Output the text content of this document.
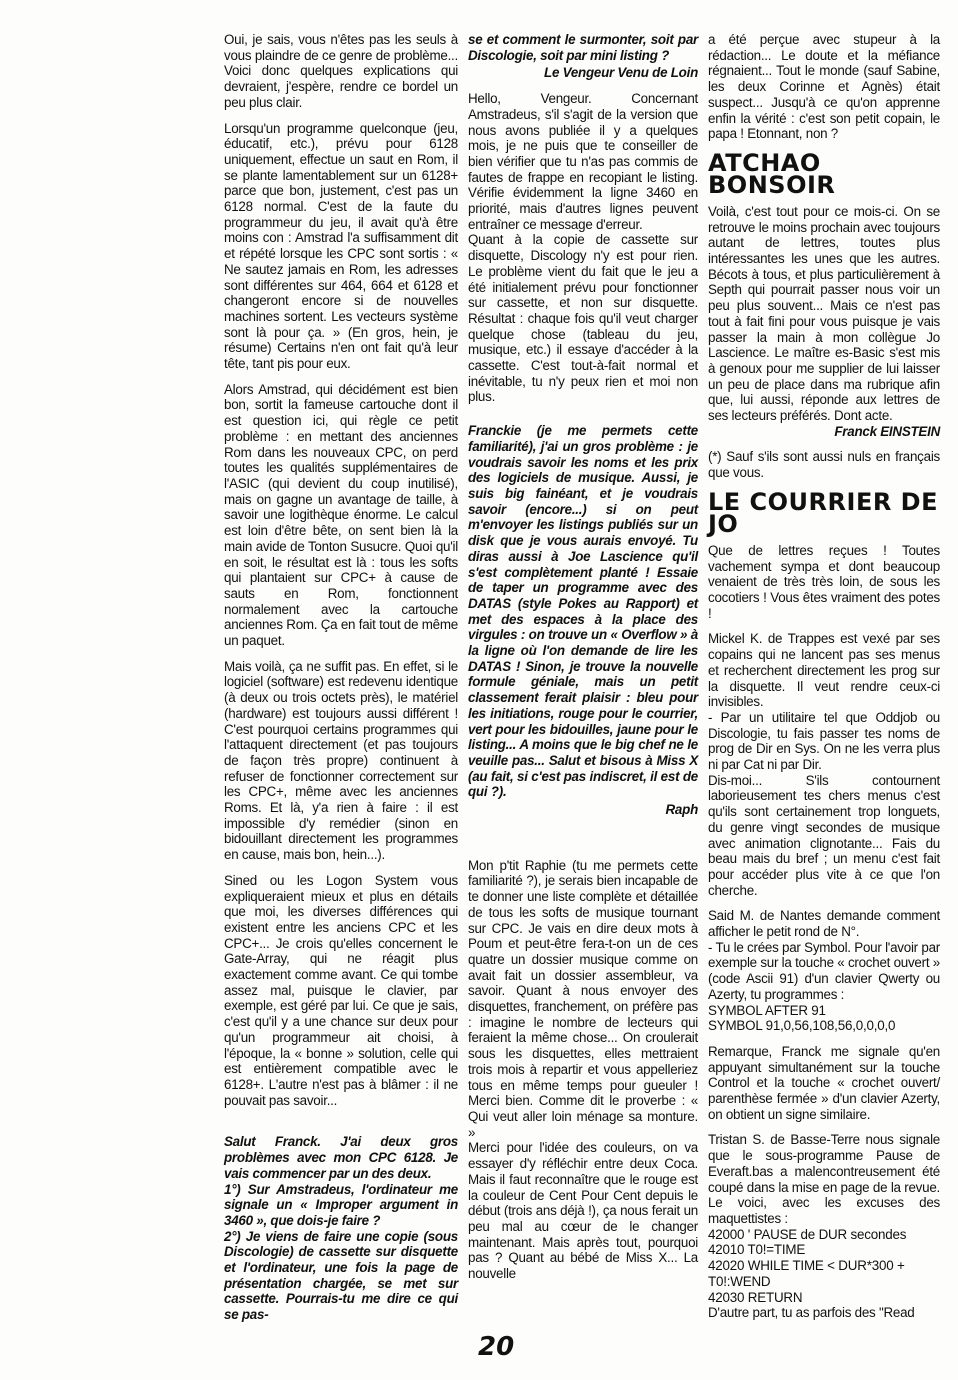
Oui, je sais, vous n'êtes pas les seuls à vous plaindre de ce genre de problème... Voici donc quelques explications qui devraient, j'espère, rendre ce bordel un peu plus clair.

Lorsqu'un programme quelconque (jeu, éducatif, etc.), prévu pour 6128 uniquement, effectue un saut en Rom, il se plante lamentablement sur un 6128+ parce que bon, justement, c'est pas un 6128 normal. C'est de la faute du programmeur du jeu, il avait qu'à être moins con : Amstrad l'a suffisamment dit et répété lorsque les CPC sont sortis : « Ne sautez jamais en Rom, les adresses sont différentes sur 464, 664 et 6128 et changeront encore si de nouvelles machines sortent. Les vecteurs système sont là pour ça. » (En gros, hein, je résume) Certains n'en ont fait qu'à leur tête, tant pis pour eux.

Alors Amstrad, qui décidément est bien bon, sortit la fameuse cartouche dont il est question ici, qui règle ce petit problème : en mettant des anciennes Rom dans les nouveaux CPC, on perd toutes les qualités supplémentaires de l'ASIC (qui devient du coup inutilisé), mais on gagne un avantage de taille, à savoir une logithèque énorme. Le calcul est loin d'être bête, on sent bien là la main avide de Tonton Susucre. Quoi qu'il en soit, le résultat est là : tous les softs qui plantaient sur CPC+ à cause de sauts en Rom, fonctionnent normalement avec la cartouche anciennes Rom. Ça en fait tout de même un paquet.

Mais voilà, ça ne suffit pas. En effet, si le logiciel (software) est redevenu identique (à deux ou trois octets près), le matériel (hardware) est toujours aussi différent ! C'est pourquoi certains programmes qui l'attaquent directement (et pas toujours de façon très propre) continuent à refuser de fonctionner correctement sur les CPC+, même avec les anciennes Roms. Et là, y'a rien à faire : il est impossible d'y remédier (sinon en bidouillant directement les programmes en cause, mais bon, hein...).

Sined ou les Logon System vous expliqueraient mieux et plus en détails que moi, les diverses différences qui existent entre les anciens CPC et les CPC+... Je crois qu'elles concernent le Gate-Array, qui ne réagit plus exactement comme avant. Ce qui tombe assez mal, puisque le clavier, par exemple, est géré par lui. Ce que je sais, c'est qu'il y a une chance sur deux pour qu'un programmeur ait choisi, à l'époque, la « bonne » solution, celle qui est entièrement compatible avec le 6128+. L'autre n'est pas à blâmer : il ne pouvait pas savoir...

Salut Franck. J'ai deux gros problèmes avec mon CPC 6128. Je vais commencer par un des deux.

1°) Sur Amstradeus, l'ordinateur me signale un « Improper argument in 3460 », que dois-je faire ?

2°) Je viens de faire une copie (sous Discologie) de cassette sur disquette et l'ordinateur, une fois la page de présentation chargée, se met sur cassette. Pourrais-tu me dire ce qui se pas-

se et comment le surmonter, soit par Discologie, soit par mini listing ?

Le Vengeur Venu de Loin

Hello, Vengeur. Concernant Amstradeus, s'il s'agit de la version que nous avons publiée il y a quelques mois, je ne puis que te conseiller de bien vérifier que tu n'as pas commis de fautes de frappe en recopiant le listing. Vérifie évidemment la ligne 3460 en priorité, mais d'autres lignes peuvent entraîner ce message d'erreur.

Quant à la copie de cassette sur disquette, Discology n'y est pour rien. Le problème vient du fait que le jeu a été initialement prévu pour fonctionner sur cassette, et non sur disquette. Résultat : chaque fois qu'il veut charger quelque chose (tableau du jeu, musique, etc.) il essaye d'accéder à la cassette. C'est tout-à-fait normal et inévitable, tu n'y peux rien et moi non plus.

Franckie (je me permets cette familiarité), j'ai un gros problème : je voudrais savoir les noms et les prix des logiciels de musique. Aussi, je suis big fainéant, et je voudrais savoir (encore...) si on peut m'envoyer les listings publiés sur un disk que je vous aurais envoyé. Tu diras aussi à Joe Lascience qu'il s'est complètement planté ! Essaie de taper un programme avec des DATAS (style Pokes au Rapport) et met des espaces à la place des virgules : on trouve un « Overflow » à la ligne où l'on demande de lire les DATAS ! Sinon, je trouve la nouvelle formule géniale, mais un petit classement ferait plaisir : bleu pour les initiations, rouge pour le courrier, vert pour les bidouilles, jaune pour le listing... A moins que le big chef ne le veuille pas... Salut et bisous à Miss X (au fait, si c'est pas indiscret, il est de qui ?).

Raph

Mon p'tit Raphie (tu me permets cette familiarité ?), je serais bien incapable de te donner une liste complète et détaillée de tous les softs de musique tournant sur CPC. Je vais en dire deux mots à Poum et peut-être fera-t-on un de ces quatre un dossier musique comme on avait fait un dossier assembleur, va savoir. Quant à nous envoyer des disquettes, franchement, on préfère pas : imagine le nombre de lecteurs qui feraient la même chose... On croulerait sous les disquettes, elles mettraient trois mois à repartir et vous appelleriez tous en même temps pour gueuler ! Merci bien. Comme dit le proverbe : « Qui veut aller loin ménage sa monture. »

Merci pour l'idée des couleurs, on va essayer d'y réfléchir entre deux Coca. Mais il faut reconnaître que le rouge est la couleur de Cent Pour Cent depuis le début (trois ans déjà !), ça nous ferait un peu mal au cœur de le changer maintenant. Mais après tout, pourquoi pas ? Quant au bébé de Miss X... La nouvelle

a été perçue avec stupeur à la rédaction... Le doute et la méfiance régnaient... Tout le monde (sauf Sabine, les deux Corinne et Agnès) était suspect... Jusqu'à ce qu'on apprenne enfin la vérité : c'est son petit copain, le papa ! Etonnant, non ?

ATCHAO BONSOIR

Voilà, c'est tout pour ce mois-ci. On se retrouve le moins prochain avec toujours autant de lettres, toutes plus intéressantes les unes que les autres. Bécots à tous, et plus particulièrement à Septh qui pourrait passer nous voir un peu plus souvent... Mais ce n'est pas tout à fait fini pour vous puisque je vais passer la main à mon collègue Jo Lascience. Le maître es-Basic s'est mis à genoux pour me supplier de lui laisser un peu de place dans ma rubrique afin que, lui aussi, réponde aux lettres de ses lecteurs préférés. Dont acte.

Franck EINSTEIN

(*) Sauf s'ils sont aussi nuls en français que vous.

LE COURRIER DE JO

Que de lettres reçues ! Toutes vachement sympa et dont beaucoup venaient de très très loin, de sous les cocotiers ! Vous êtes vraiment des potes !

Mickel K. de Trappes est vexé par ses copains qui ne lancent pas ses menus et recherchent directement les prog sur la disquette. Il veut rendre ceux-ci invisibles.

- Par un utilitaire tel que Oddjob ou Discologie, tu fais passer tes noms de prog de Dir en Sys. On ne les verra plus ni par Cat ni par Dir.

Dis-moi... S'ils contournent laborieusement tes chers menus c'est qu'ils sont certainement trop longuets, du genre vingt secondes de musique avec animation clignotante... Fais du beau mais du bref ; un menu c'est fait pour accéder plus vite à ce que l'on cherche.

Said M. de Nantes demande comment afficher le petit rond de N°.

- Tu le crées par Symbol. Pour l'avoir par exemple sur la touche « crochet ouvert » (code Ascii 91) d'un clavier Qwerty ou Azerty, tu programmes :

SYMBOL AFTER 91
SYMBOL 91,0,56,108,56,0,0,0,0

Remarque, Franck me signale qu'en appuyant simultanément sur la touche Control et la touche « crochet ouvert/ parenthèse fermée » d'un clavier Azerty, on obtient un signe similaire.

Tristan S. de Basse-Terre nous signale que le sous-programme Pause de Everaft.bas a malencontreusement été coupé dans la mise en page de la revue. Le voici, avec les excuses des maquettistes :

42000 ' PAUSE de DUR secondes
42010 T0!=TIME
42020 WHILE TIME < DUR*300 + T0!:WEND
42030 RETURN

D'autre part, tu as parfois des "Read

20
